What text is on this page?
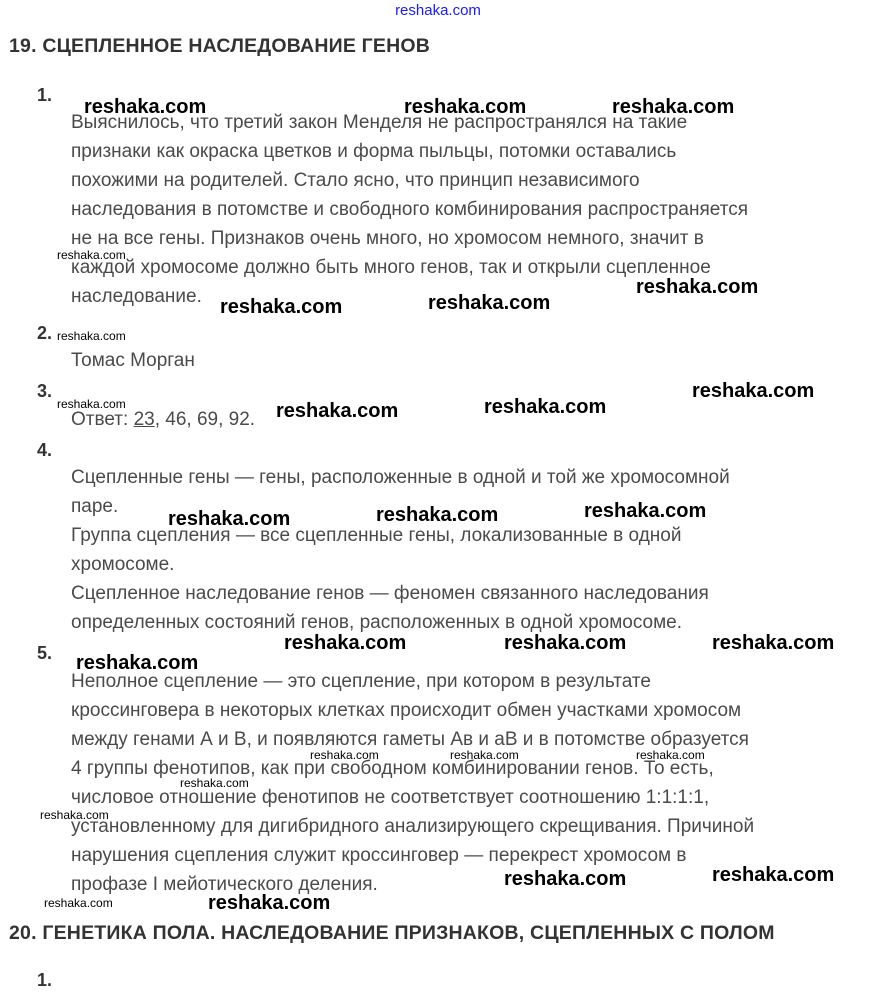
reshaka.com
19. СЦЕПЛЕННОЕ НАСЛЕДОВАНИЕ ГЕНОВ
1.
Выяснилось, что третий закон Менделя не распространялся на такие
признаки как окраска цветков и форма пыльцы, потомки оставались
похожими на родителей. Стало ясно, что принцип независимого
наследования в потомстве и свободного комбинирования распространяется
не на все гены. Признаков очень много, но хромосом немного, значит в
каждой хромосоме должно быть много генов, так и открыли сцепленное
наследование.
2.
Томас Морган
3.
Ответ: 23, 46, 69, 92.
4.
Сцепленные гены — гены, расположенные в одной и той же хромосомной
паре.
Группа сцепления — все сцепленные гены, локализованные в одной
хромосоме.
Сцепленное наследование генов — феномен связанного наследования
определенных состояний генов, расположенных в одной хромосоме.
5.
Неполное сцепление — это сцепление, при котором в результате
кроссинговера в некоторых клетках происходит обмен участками хромосом
между генами А и В, и появляются гаметы Ав и аВ и в потомстве образуется
4 группы фенотипов, как при свободном комбинировании генов. То есть,
числовое отношение фенотипов не соответствует соотношению 1:1:1:1,
установленному для дигибридного анализирующего скрещивания. Причиной
нарушения сцепления служит кроссинговер — перекрест хромосом в
профазе I мейотического деления.
20. ГЕНЕТИКА ПОЛА. НАСЛЕДОВАНИЕ ПРИЗНАКОВ, СЦЕПЛЕННЫХ С ПОЛОМ
1.
reshaka.com	reshaka.com	reshaka.com
reshaka.com
reshaka.com	reshaka.com
reshaka.com
reshaka.com
reshaka.com
reshaka.com	reshaka.com	reshaka.com
reshaka.com	reshaka.com	reshaka.com
reshaka.com	reshaka.com	reshaka.com
reshaka.com
reshaka.com	reshaka.com	reshaka.com
reshaka.com
reshaka.com
reshaka.com	reshaka.com
reshaka.com	reshaka.com
